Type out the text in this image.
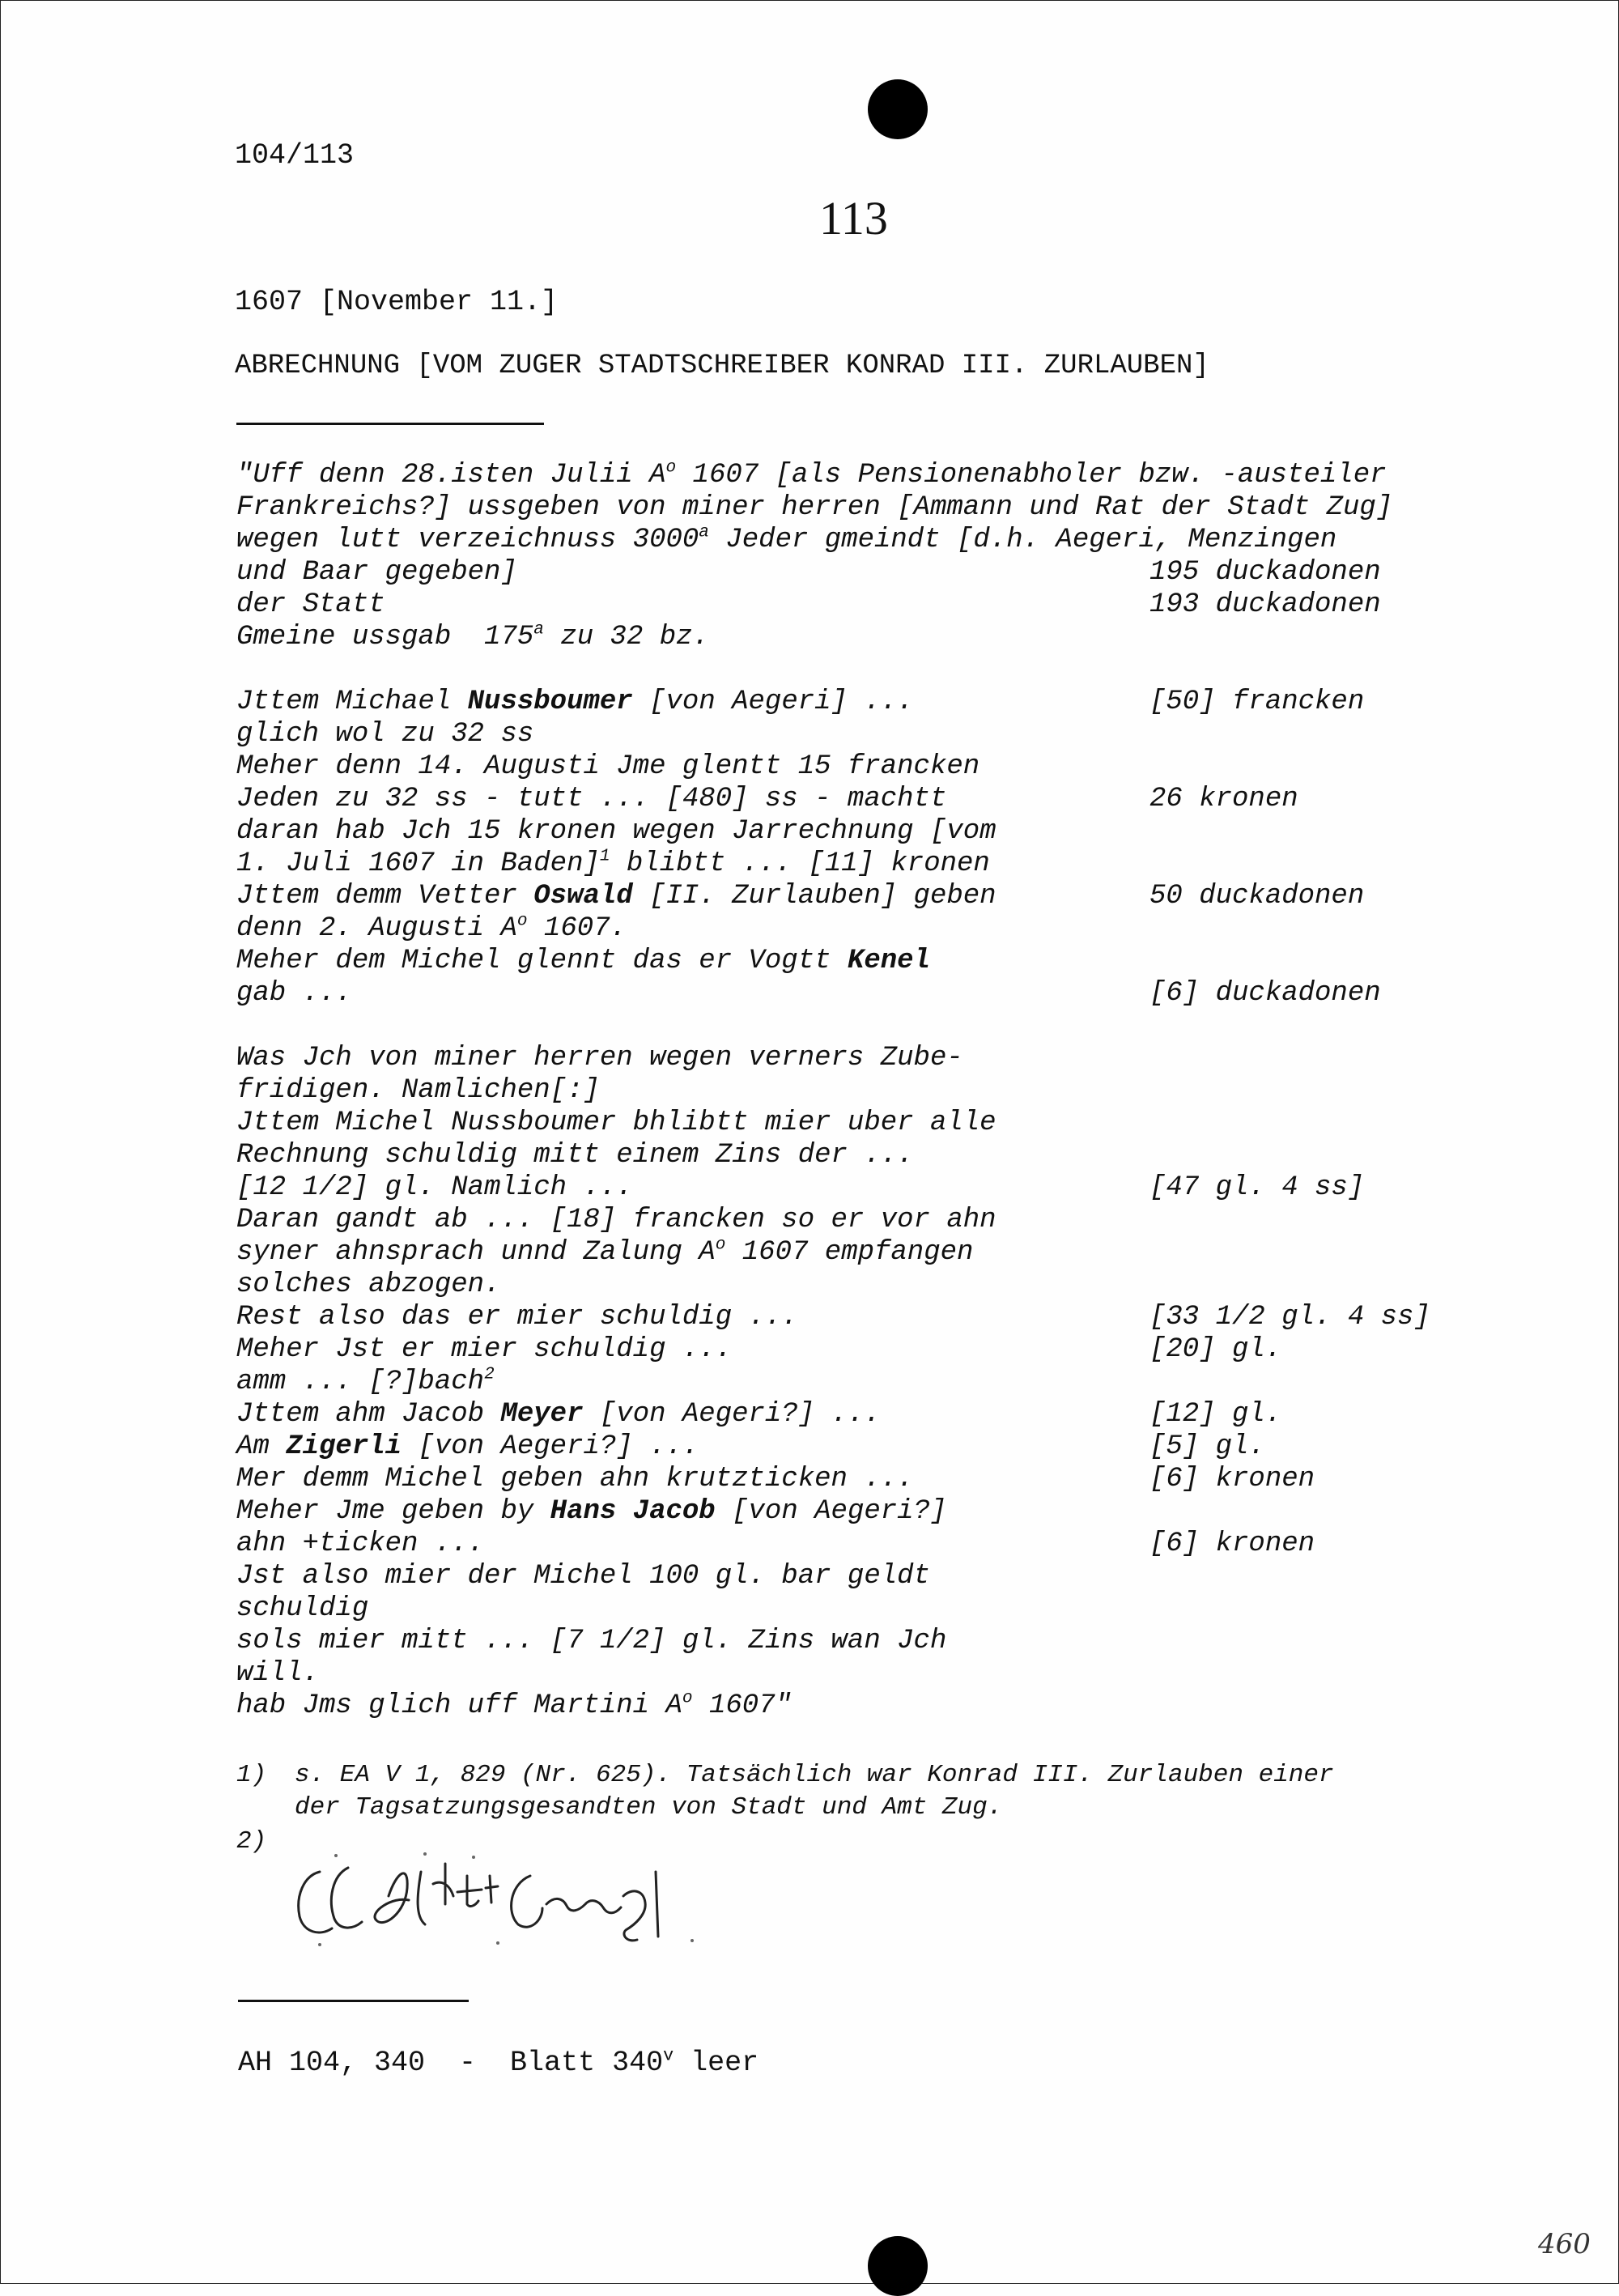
104/113
113
1607 [November 11.]
ABRECHNUNG [VOM ZUGER STADTSCHREIBER KONRAD III. ZURLAUBEN]
"Uff denn 28.isten Julii $A^o$ 1607 [als Pensionenabholer bzw. -austeiler
Frankreichs?] ussgeben von miner herren [Ammann und Rat der Stadt Zug]
wegen lutt verzeichnuss 3000$^a$ Jeder gmeindt [d.h. Aegeri, Menzingen
und Baar gegeben]	195 duckadonen
der Statt	193 duckadonen
Gmeine ussgab  175$^a$ zu 32 bz.
Jttem Michael Nussboumer [von Aegeri] ...	[50] francken
glich wol zu 32 ss
Meher denn 14. Augusti Jme glentt 15 francken
Jeden zu 32 ss - tutt ... [480] ss - machtt	26 kronen
daran hab Jch 15 kronen wegen Jarrechnung [vom
1. Juli 1607 in Baden]$^1$ blibtt ... [11] kronen
Jttem demm Vetter Oswald [II. Zurlauben] geben	50 duckadonen
denn 2. Augusti $A^o$ 1607.
Meher dem Michel glennt das er Vogtt Kenel
gab ...	[6] duckadonen
Was Jch von miner herren wegen verners Zube-
fridigen. Namlichen[:]
Jttem Michel Nussboumer bhlibtt mier uber alle
Rechnung schuldig mitt einem Zins der ...
[12 1/2] gl. Namlich ...	[47 gl. 4 ss]
Daran gandt ab ... [18] francken so er vor ahn
syner ahnsprach unnd Zalung $A^o$ 1607 empfangen
solches abzogen.
Rest also das er mier schuldig ...	[33 1/2 gl. 4 ss]
Meher Jst er mier schuldig ...	[20] gl.
amm ... [?]bach$^2$
Jttem ahm Jacob Meyer [von Aegeri?] ...	[12] gl.
Am Zigerli [von Aegeri?] ...	[5] gl.
Mer demm Michel geben ahn krutzticken ...	[6] kronen
Meher Jme geben by Hans Jacob [von Aegeri?]
ahn +ticken ...	[6] kronen
Jst also mier der Michel 100 gl. bar geldt
schuldig
sols mier mitt ... [7 1/2] gl. Zins wan Jch
will.
hab Jms glich uff Martini $A^o$ 1607"
1) s. EA V 1, 829 (Nr. 625). Tatsächlich war Konrad III. Zurlauben einer
der Tagsatzungsgesandten von Stadt und Amt Zug.
2)
AH 104, 340  -  Blatt 340$^v$ leer
460
